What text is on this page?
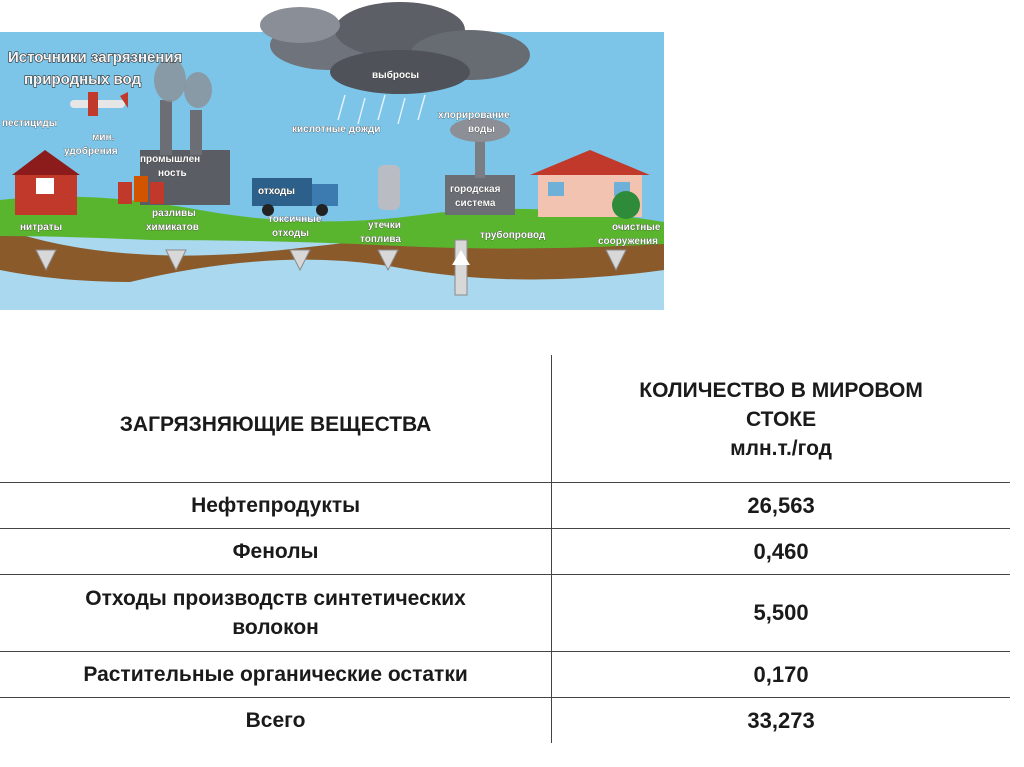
Источники загрязнения
природных вод	выбросы
пестициды
мин.
удобрения
промышлен
ность
кислотные дожди
хлорирование
воды
отходы	городская
система
нитраты
разливы
химикатов
токсичные
отходы
утечки
топлива	трубопровод
очистные
сооружения
ЗАГРЯЗНЯЮЩИЕ ВЕЩЕСТВА	КОЛИЧЕСТВО В МИРОВОМ
СТОКЕ
млн.т./год

Нефтепродукты	26,563
Фенолы	0,460

Отходы производств синтетических
волокон	5,500
Растительные органические остатки	0,170
Всего	33,273
